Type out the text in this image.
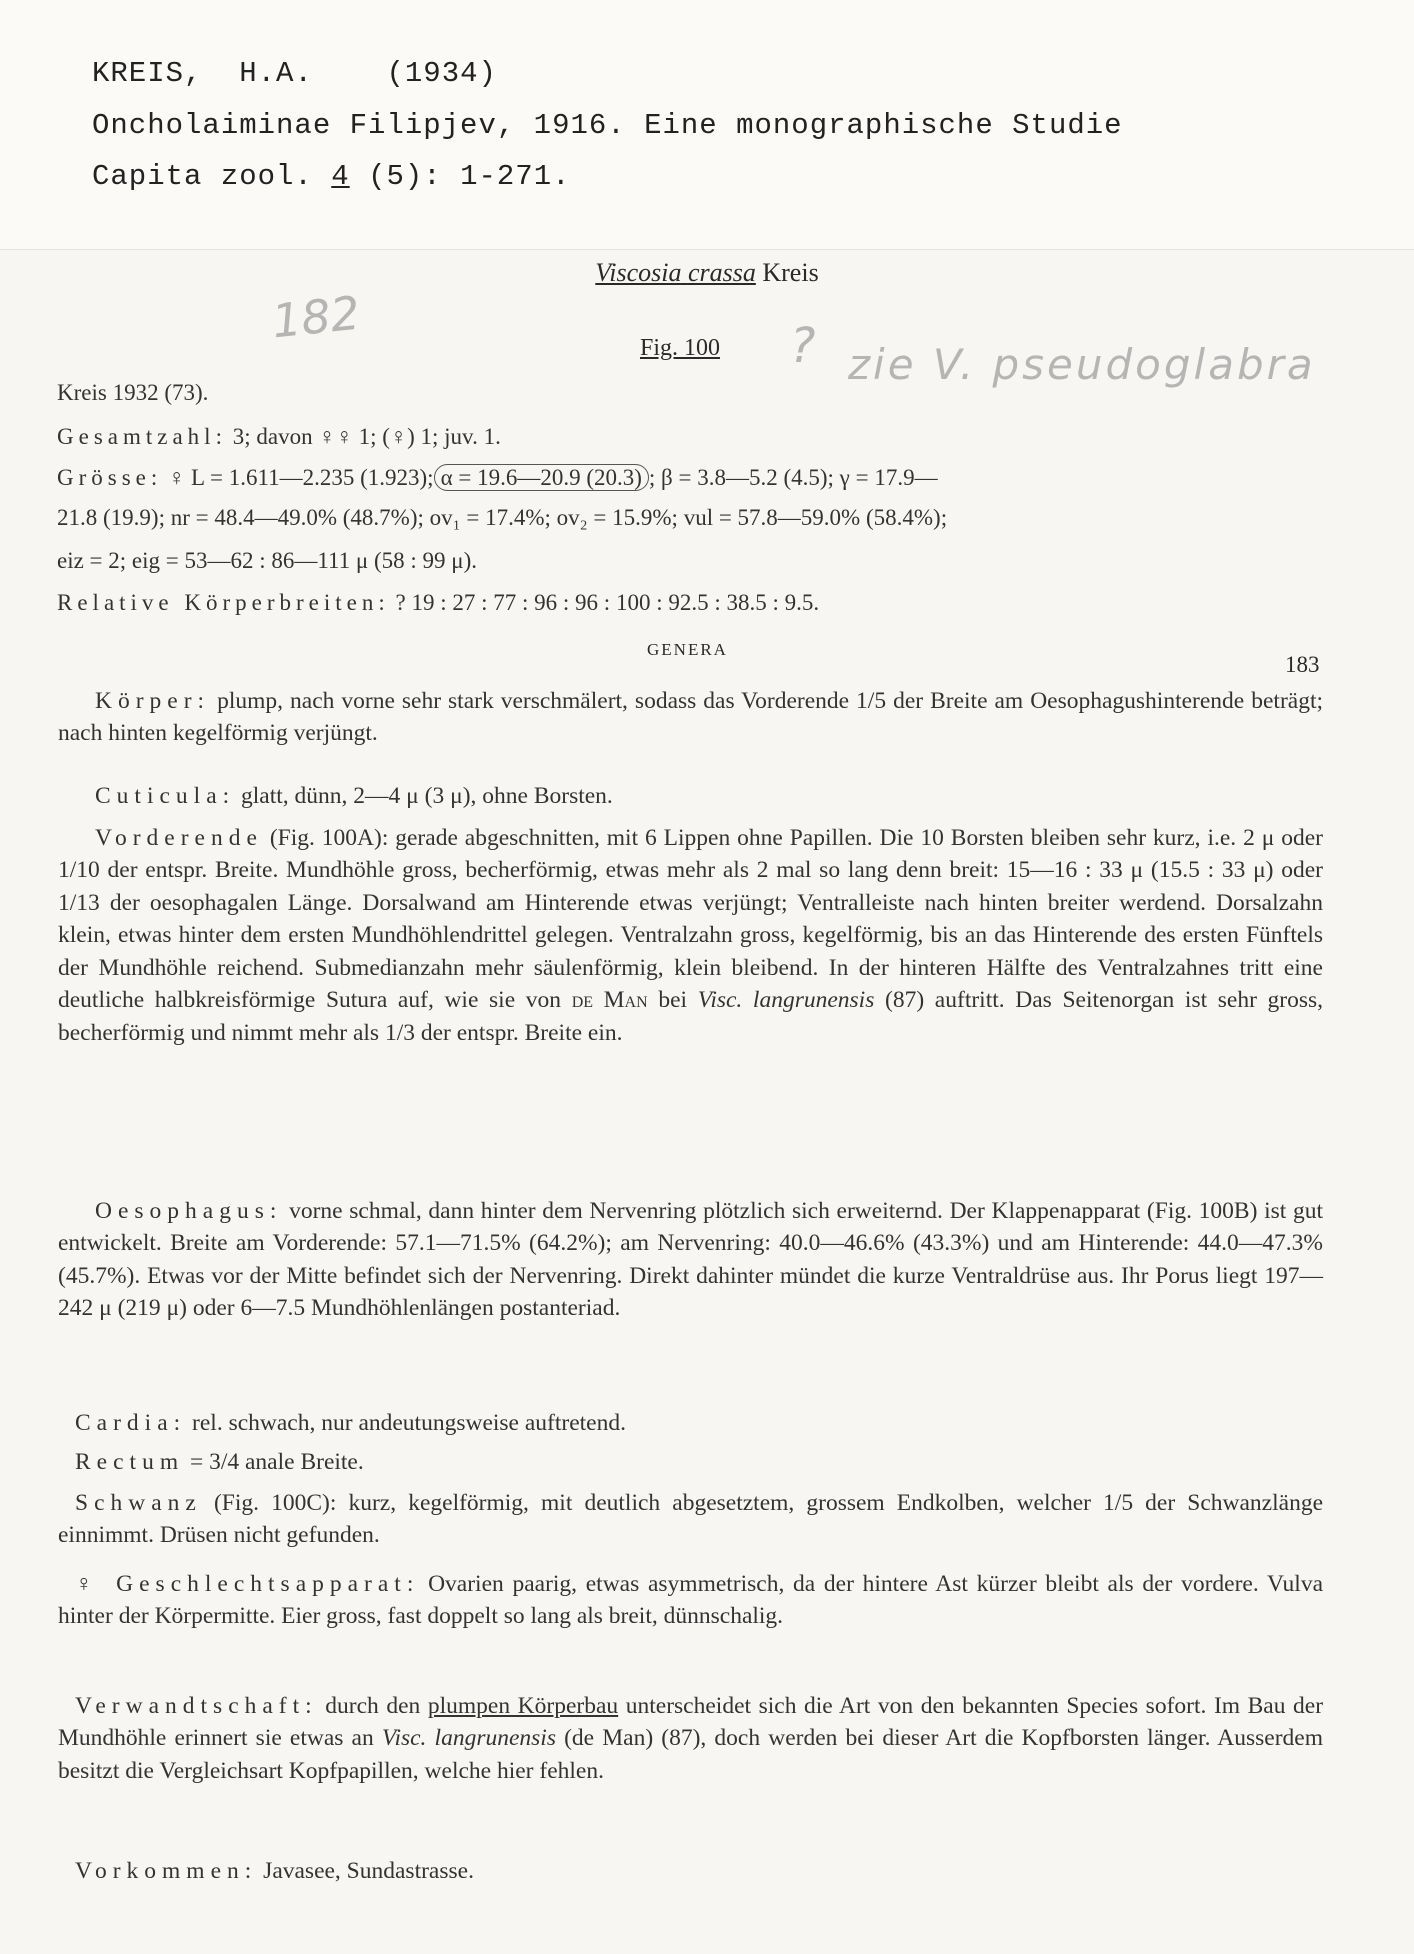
KREIS, H.A.	(1934)
Oncholaiminae Filipjev, 1916. Eine monographische Studie
Capita zool. 4 (5): 1-271.
182	? zie V. pseudoglabra
Viscosia crassa Kreis
Fig. 100
Kreis 1932 (73).
Gesamtzahl: 3; davon ♀♀ 1; (♀) 1; juv. 1.
Grösse: ♀ L = 1.611—2.235 (1.923); α = 19.6—20.9 (20.3) ; β = 3.8—5.2 (4.5); γ = 17.9—
21.8 (19.9); nr = 48.4—49.0% (48.7%); ov₁ = 17.4%; ov₂ = 15.9%; vul = 57.8—59.0% (58.4%);
eiz = 2; eig = 53—62 : 86—111 μ (58 : 99 μ).
Relative Körperbreiten: ? 19 : 27 : 77 : 96 : 96 : 100 : 92.5 : 38.5 : 9.5.
GENERA
183
Körper: plump, nach vorne sehr stark verschmälert, sodass das Vorderende 1/5 der Breite am Oesophagushinterende beträgt; nach hinten kegelförmig verjüngt.
Cuticula: glatt, dünn, 2—4 μ (3 μ), ohne Borsten.
Vorderende (Fig. 100A): gerade abgeschnitten, mit 6 Lippen ohne Papillen. Die 10 Borsten bleiben sehr kurz, i.e. 2 μ oder 1/10 der entspr. Breite. Mundhöhle gross, becherförmig, etwas mehr als 2 mal so lang denn breit: 15—16 : 33 μ (15.5 : 33 μ) oder 1/13 der oesophagalen Länge. Dorsalwand am Hinterende etwas verjüngt; Ventralleiste nach hinten breiter werdend. Dorsalzahn klein, etwas hinter dem ersten Mundhöhlendrittel gelegen. Ventralzahn gross, kegelförmig, bis an das Hinterende des ersten Fünftels der Mundhöhle reichend. Submedianzahn mehr säulenförmig, klein bleibend. In der hinteren Hälfte des Ventralzahnes tritt eine deutliche halbkreisförmige Sutura auf, wie sie von de Man bei Visc. langrunensis (87) auftritt. Das Seitenorgan ist sehr gross, becherförmig und nimmt mehr als 1/3 der entspr. Breite ein.
Oesophagus: vorne schmal, dann hinter dem Nervenring plötzlich sich erweiternd. Der Klappenapparat (Fig. 100B) ist gut entwickelt. Breite am Vorderende: 57.1—71.5% (64.2%); am Nervenring: 40.0—46.6% (43.3%) und am Hinterende: 44.0—47.3% (45.7%). Etwas vor der Mitte befindet sich der Nervenring. Direkt dahinter mündet die kurze Ventraldrüse aus. Ihr Porus liegt 197—242 μ (219 μ) oder 6—7.5 Mundhöhlenlängen postanteriad.
Cardia: rel. schwach, nur andeutungsweise auftretend.
Rectum = 3/4 anale Breite.
Schwanz (Fig. 100C): kurz, kegelförmig, mit deutlich abgesetztem, grossem Endkolben, welcher 1/5 der Schwanzlänge einnimmt. Drüsen nicht gefunden.
♀ Geschlechtsapparat: Ovarien paarig, etwas asymmetrisch, da der hintere Ast kürzer bleibt als der vordere. Vulva hinter der Körpermitte. Eier gross, fast doppelt so lang als breit, dünnschalig.
Verwandtschaft: durch den plumpen Körperbau unterscheidet sich die Art von den bekannten Species sofort. Im Bau der Mundhöhle erinnert sie etwas an Visc. langrunensis (de Man) (87), doch werden bei dieser Art die Kopfborsten länger. Ausserdem besitzt die Vergleichsart Kopfpapillen, welche hier fehlen.
Vorkommen: Javasee, Sundastrasse.
